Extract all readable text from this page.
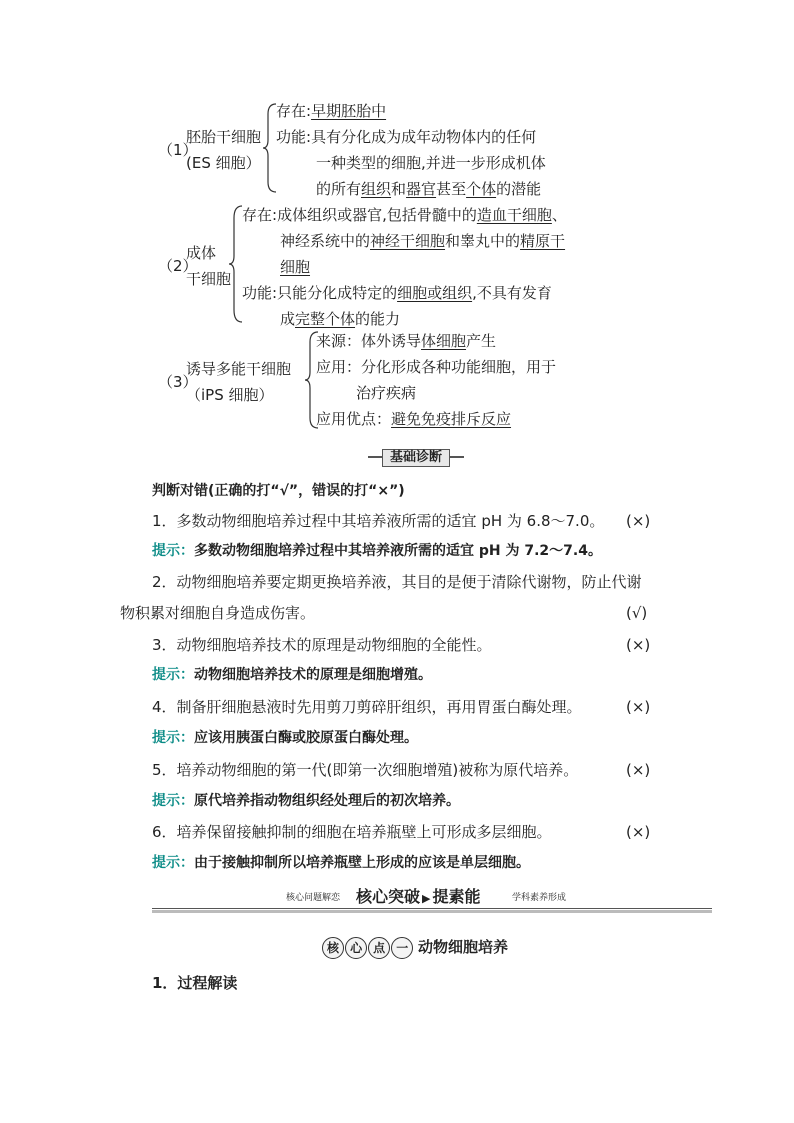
（1）
胚胎干细胞
(ES 细胞）
存在:早期胚胎中
功能:具有分化成为成年动物体内的任何
一种类型的细胞,并进一步形成机体
的所有组织和器官甚至个体的潜能
（2）
成体
干细胞
存在:成体组织或器官,包括骨髓中的造血干细胞、
神经系统中的神经干细胞和睾丸中的精原干
细胞
功能:只能分化成特定的细胞或组织,不具有发育
成完整个体的能力
（3）
诱导多能干细胞
（iPS 细胞）
来源：体外诱导体细胞产生
应用：分化形成各种功能细胞，用于
治疗疾病
应用优点：避免免疫排斥反应
基础诊断
判断对错(正确的打“√”，错误的打“×”)
1．多数动物细胞培养过程中其培养液所需的适宜 pH 为 6.8～7.0。	(×)
提示：多数动物细胞培养过程中其培养液所需的适宜 pH 为 7.2～7.4。
2．动物细胞培养要定期更换培养液，其目的是便于清除代谢物，防止代谢
物积累对细胞自身造成伤害。	(√)
3．动物细胞培养技术的原理是动物细胞的全能性。	(×)
提示：动物细胞培养技术的原理是细胞增殖。
4．制备肝细胞悬液时先用剪刀剪碎肝组织，再用胃蛋白酶处理。	(×)
提示：应该用胰蛋白酶或胶原蛋白酶处理。
5．培养动物细胞的第一代(即第一次细胞增殖)被称为原代培养。	(×)
提示：原代培养指动物组织经处理后的初次培养。
6．培养保留接触抑制的细胞在培养瓶壁上可形成多层细胞。	(×)
提示：由于接触抑制所以培养瓶壁上形成的应该是单层细胞。
核心问题解恋 核心突破 ▶ 提素能	学科素养形成
核 心 点 一 动物细胞培养
1．过程解读
